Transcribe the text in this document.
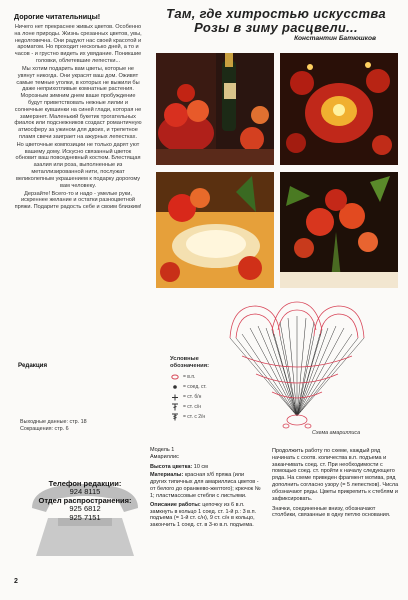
Дорогие читательницы!

Ничего нет прекраснее живых цветов. Особенно на лоне природы. Жизнь срезанных цветов, увы, недолговечна. Они радуют нас своей красотой и ароматом. Но проходит несколько дней, а то и часов - и грустно видеть их увядание. Поникшие головки, облетевшие лепестки...

Мы хотим подарить вам цветы, которые не увянут никогда. Они украсят ваш дом. Оживят самые темные уголки, в которых не выжили бы даже неприхотливые комнатные растения. Морозным зимним днем ваше пробуждение будут приветствовать нежные лилии и солнечные кувшинки на синей глади, которая не замерзнет. Маленький букетик трогательных фиалок или подснежников создаст романтичную атмосферу за ужином для двоих, и трепетное пламя свечи заиграет на ажурных лепестках.

Но цветочные композиции не только дарят уют вашему дому. Искусно связанный цветок обновит ваш повседневный костюм. Блестящая азалия или роза, выполненные из металлизированной нити, послужат великолепным украшением к подарку дорогому вам человеку.

Дерзайте! Всего-то и надо - умелые руки, искреннее желание и остатки разноцветной пряжи. Подарите радость себе и своим близким!

Редакция
Выходные данные: стр. 18
Сокращения: стр. 6
Телефон редакции:
924 8115
Отдел распространения:
925 6812
925 7151
Там, где хитростью искусства
Розы в зиму расцвели...
Константин Батюшков
Условные обозначения:
= в.п.
= соед. ст.
= ст. б/н
= ст. с/н
= ст. с 2/н
Схема амариллиса
Модель 1
Амариллис
Высота цветка: 10 см
Материалы: красная х/б пряжа (или других типичных для амариллиса цветов - от белого до оранжево-желтого); крючок № 1; пластмассовые стебли с листьями.
Описание работы: цепочку из 6 в.п. замкнуть в кольцо 1 соед. ст. 1-й р.: 3 в.п. подъема (= 1-й ст. с/н), 9 ст. с/н в кольцо, закончить 1 соед. ст. в 3-ю в.п. подъема.

Продолжить работу по схеме, каждый ряд начинать с соотв. количества в.п. подъема и заканчивать соед. ст. При необходимости с помощью соед. ст. пройти к началу следующего ряда. На схеме приведен фрагмент мотива, ряд дополнить согласно узору (= 5 лепестков). Числа обозначают ряды. Цветы прикрепить к стеблям и зафиксировать.

Значки, соединенные внизу, обозначают столбики, связанные в одну петлю основания.

2
